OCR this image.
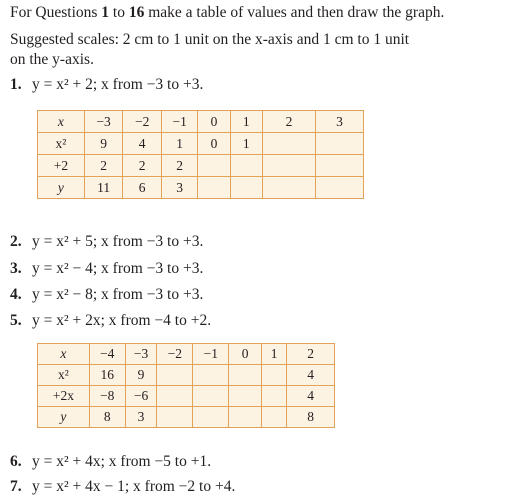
For Questions 1 to 16 make a table of values and then draw the graph.
Suggested scales: 2 cm to 1 unit on the x-axis and 1 cm to 1 unit
on the y-axis.
1. y = x² + 2; x from −3 to +3.
x	−3	−2	−1	0	1	2	3
x²	9	4	1	0	1		
+2	2	2	2				
y	11	6	3				
2. y = x² + 5; x from −3 to +3.
3. y = x² − 4; x from −3 to +3.
4. y = x² − 8; x from −3 to +3.
5. y = x² + 2x; x from −4 to +2.
x	−4	−3	−2	−1	0	1	2
x²	16	9					4
+2x	−8	−6					4
y	8	3					8
6. y = x² + 4x; x from −5 to +1.
7. y = x² + 4x − 1; x from −2 to +4.
